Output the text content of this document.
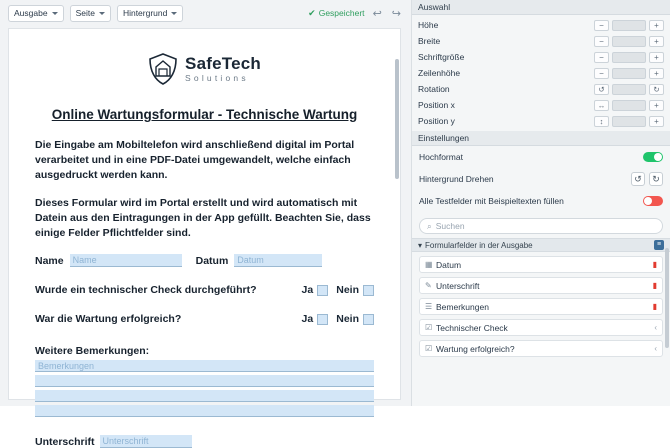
Ausgabe	Seite	Hintergrund	✔ Gespeichert ↩ ↪
SafeTech
Solutions
Online Wartungsformular - Technische Wartung

Die Eingabe am Mobiltelefon wird anschließend digital im Portal verarbeitet und in eine PDF-Datei umgewandelt, welche einfach ausgedruckt werden kann.

Dieses Formular wird im Portal erstellt und wird automatisch mit Datein aus den Eintragungen in der App gefüllt. Beachten Sie, dass einige Felder Pflichtfelder sind.

Name	Name	Datum	Datum
Wurde ein technischer Check durchgeführt?	Ja Nein
War die Wartung erfolgreich?	Ja Nein
Weitere Bemerkungen:
Bemerkungen
Unterschrift Unterschrift
Auswahl
Höhe	−	+
Breite	−	+
Schriftgröße	−	+
Zeilenhöhe	−	+
Rotation	↺	↻
Position x	↔	+
Position y	↕	+
Einstellungen
Hochformat
Hintergrund Drehen	↺	↻
Alle Testfelder mit Beispieltexten füllen
⌕ Suchen
▾ Formularfelder in der Ausgabe	≡
▦ Datum	▮
✎ Unterschrift	▮
☰ Bemerkungen	▮
☑ Technischer Check	‹
☑ Wartung erfolgreich?	‹
